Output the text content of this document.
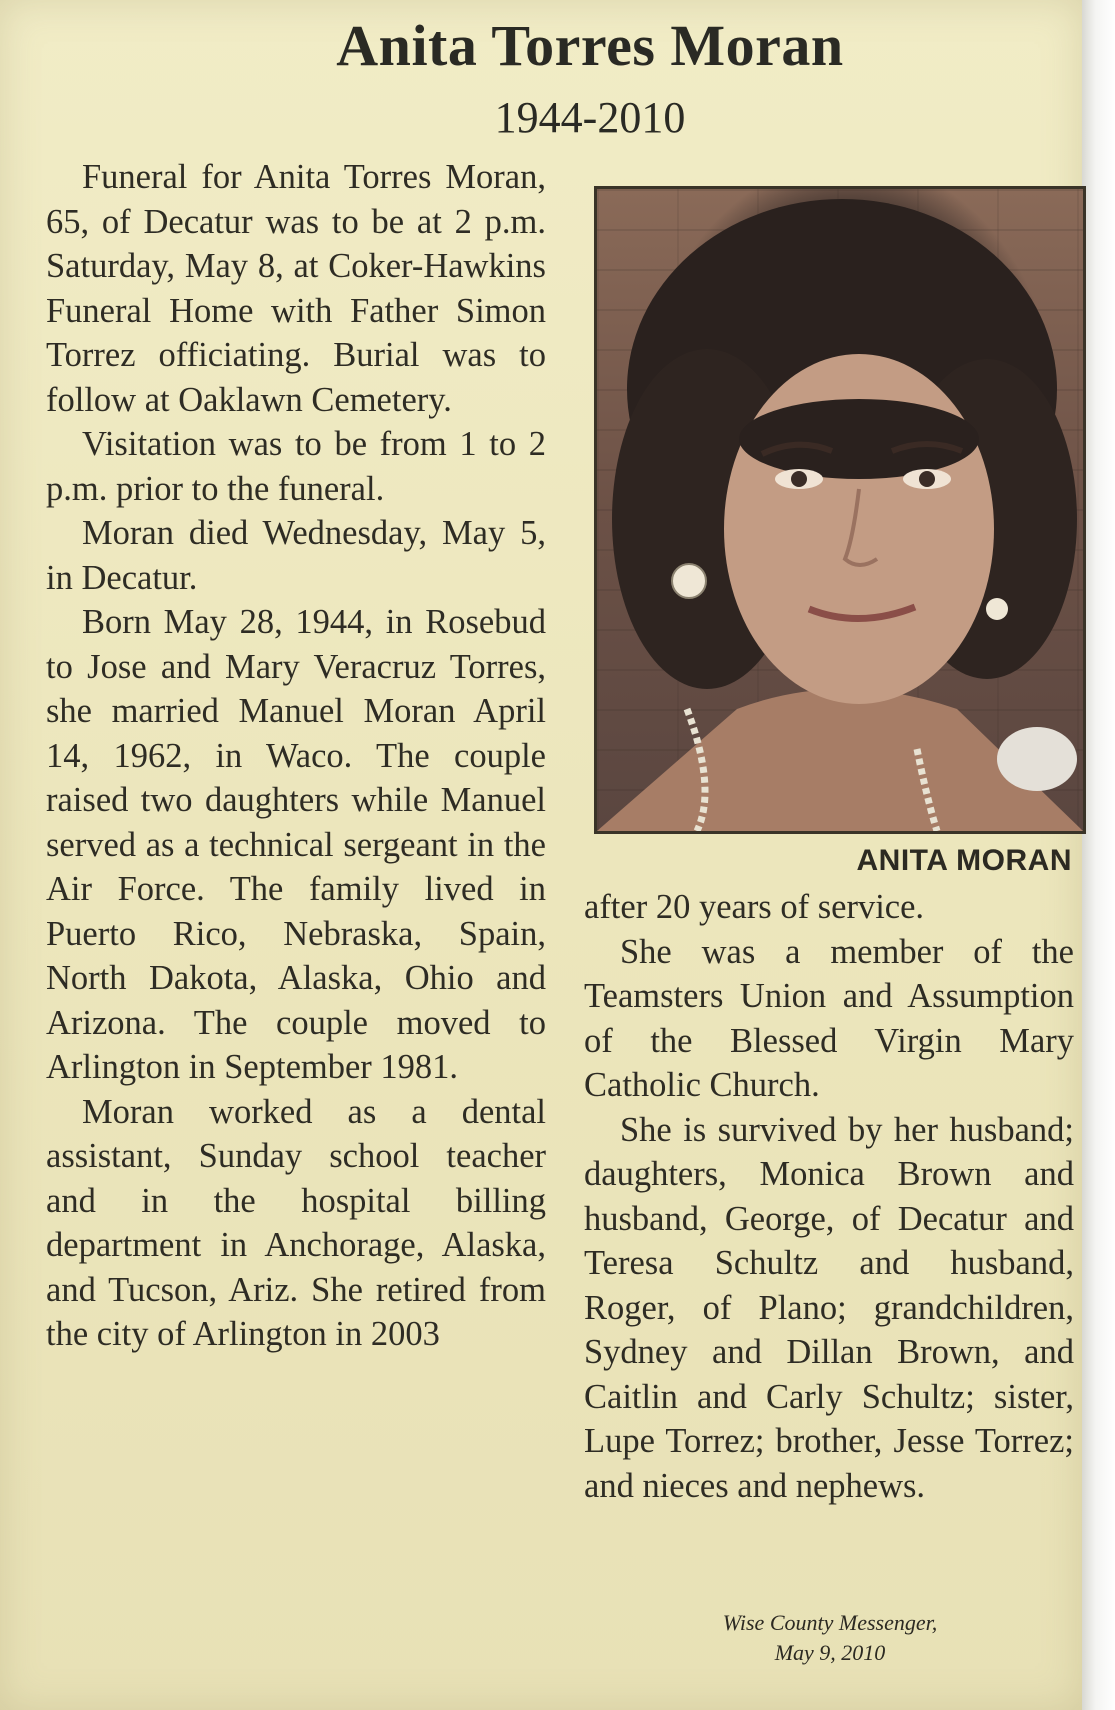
Anita Torres Moran
1944-2010

Funeral for Anita Torres Moran, 65, of Decatur was to be at 2 p.m. Saturday, May 8, at Coker-Hawkins Funeral Home with Father Simon Torrez officiating. Burial was to follow at Oaklawn Cemetery.

Visitation was to be from 1 to 2 p.m. prior to the funeral.

Moran died Wednesday, May 5, in Decatur.

Born May 28, 1944, in Rosebud to Jose and Mary Veracruz Torres, she married Manuel Moran April 14, 1962, in Waco. The couple raised two daughters while Manuel served as a technical sergeant in the Air Force. The family lived in Puerto Rico, Nebraska, Spain, North Dakota, Alaska, Ohio and Arizona. The couple moved to Arlington in September 1981.

Moran worked as a dental assistant, Sunday school teacher and in the hospital billing department in Anchorage, Alaska, and Tucson, Ariz. She retired from the city of Arlington in 2003

ANITA MORAN

after 20 years of service.

She was a member of the Teamsters Union and Assumption of the Blessed Virgin Mary Catholic Church.

She is survived by her husband; daughters, Monica Brown and husband, George, of Decatur and Teresa Schultz and husband, Roger, of Plano; grandchildren, Sydney and Dillan Brown, and Caitlin and Carly Schultz; sister, Lupe Torrez; brother, Jesse Torrez; and nieces and nephews.

Wise County Messenger,
May 9, 2010
